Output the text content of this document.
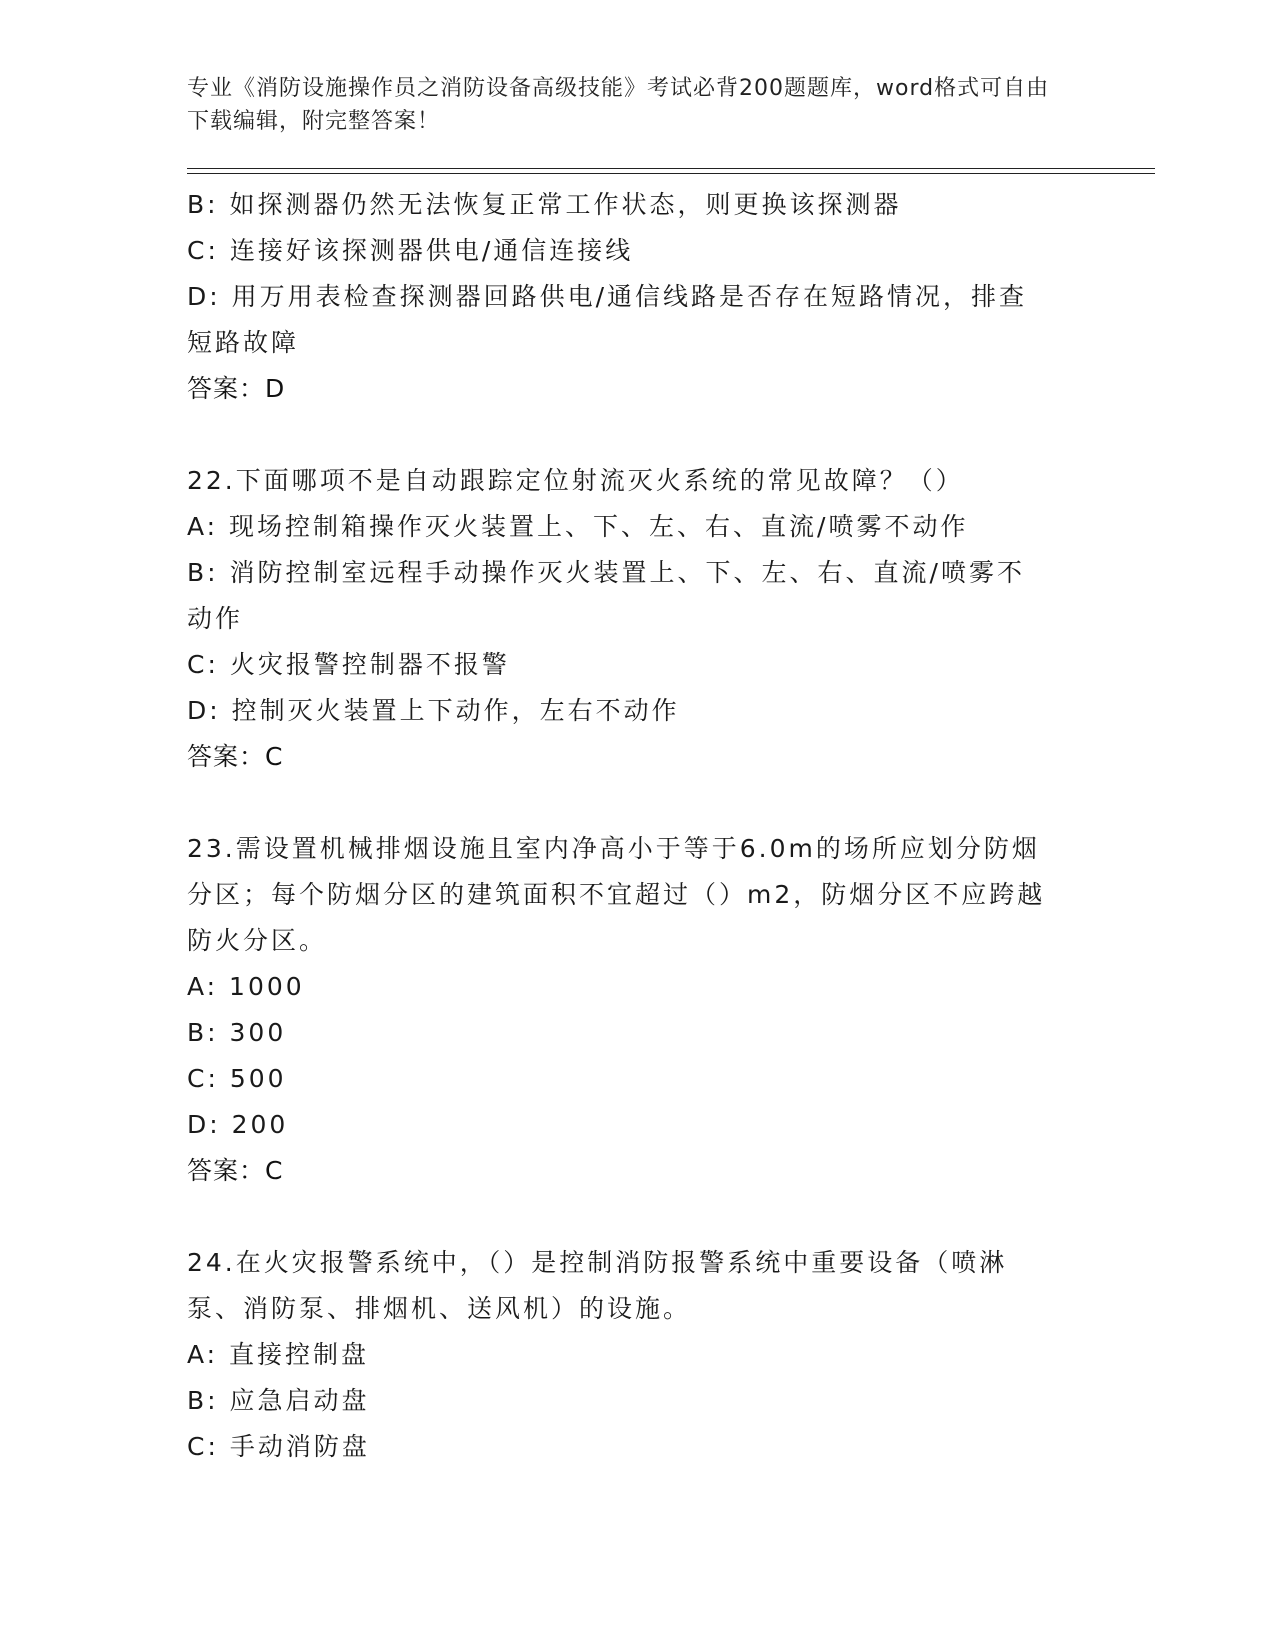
专业《消防设施操作员之消防设备高级技能》考试必背200题题库，word格式可自由下载编辑，附完整答案！

B: 如探测器仍然无法恢复正常工作状态，则更换该探测器
C: 连接好该探测器供电/通信连接线
D: 用万用表检查探测器回路供电/通信线路是否存在短路情况，排查短路故障
答案：D
22.下面哪项不是自动跟踪定位射流灭火系统的常见故障？（）
A: 现场控制箱操作灭火装置上、下、左、右、直流/喷雾不动作
B: 消防控制室远程手动操作灭火装置上、下、左、右、直流/喷雾不动作
C: 火灾报警控制器不报警
D: 控制灭火装置上下动作，左右不动作
答案：C
23.需设置机械排烟设施且室内净高小于等于6.0m的场所应划分防烟分区；每个防烟分区的建筑面积不宜超过（）m2，防烟分区不应跨越防火分区。
A: 1000
B: 300
C: 500
D: 200
答案：C
24.在火灾报警系统中，（）是控制消防报警系统中重要设备（喷淋泵、消防泵、排烟机、送风机）的设施。
A: 直接控制盘
B: 应急启动盘
C: 手动消防盘
